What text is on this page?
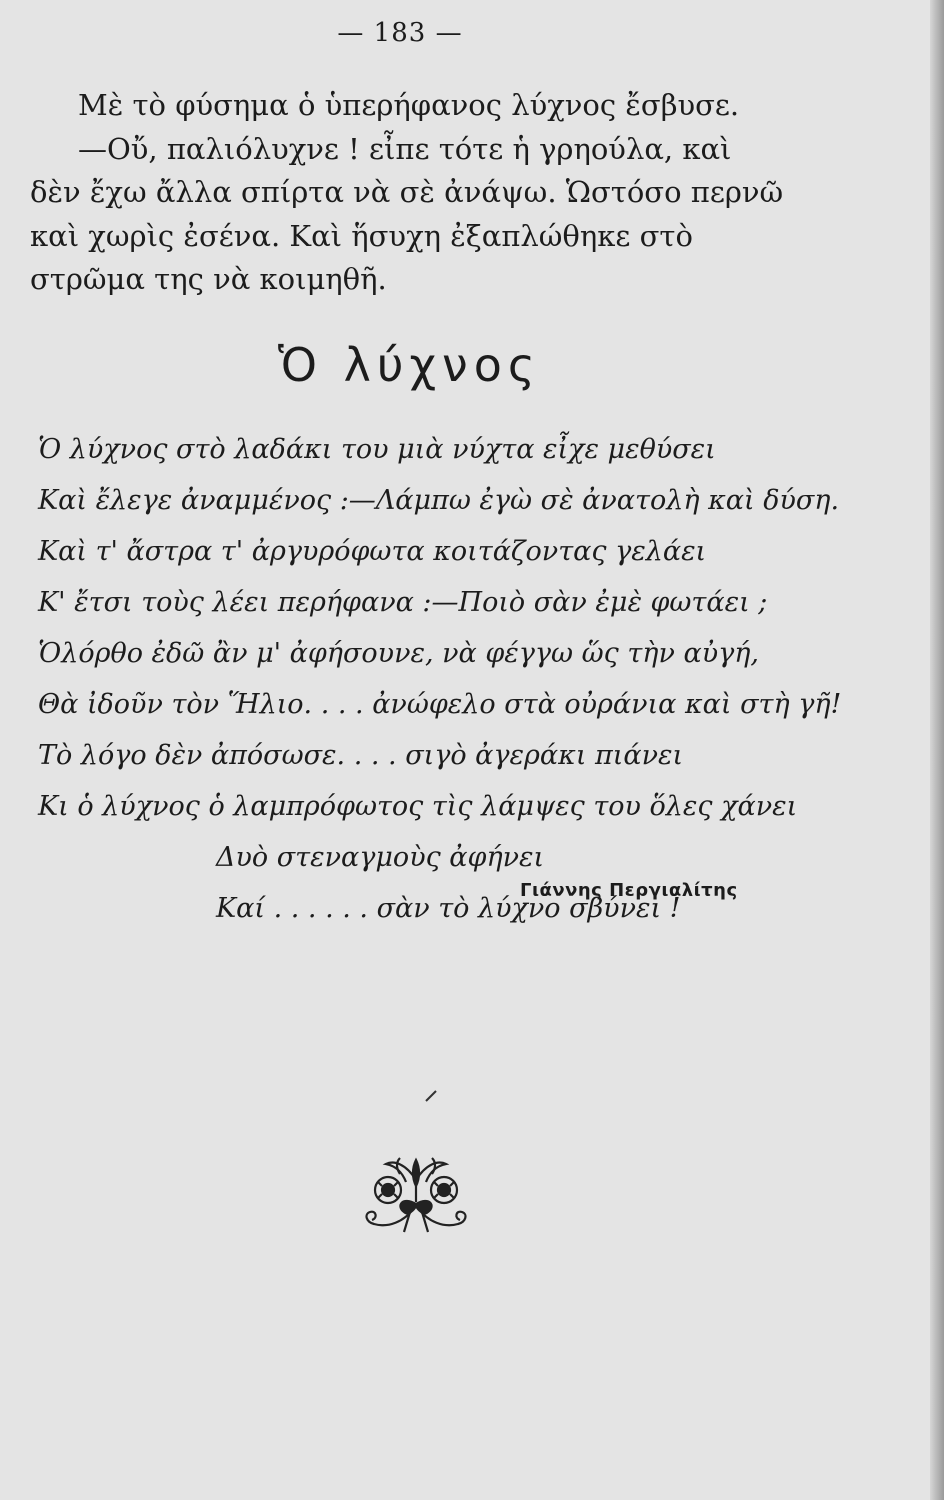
— 183 —

Μὲ τὸ φύσημα ὁ ὑπερήφανος λύχνος ἔσβυσε.

—Οὔ, παλιόλυχνε ! εἶπε τότε ἡ γρηούλα, καὶ δὲν ἔχω ἄλλα σπίρτα νὰ σὲ ἀνάψω. Ὡστόσο περνῶ καὶ χωρὶς ἐσένα. Καὶ ἥσυχη ἐξαπλώθηκε στὸ στρῶμα της νὰ κοιμηθῆ.

Ὁ λύχνος
Ὁ λύχνος στὸ λαδάκι του μιὰ νύχτα εἶχε μεθύσει
Καὶ ἔλεγε ἀναμμένος :—Λάμπω ἐγὼ σὲ ἀνατολὴ καὶ δύση.
Καὶ τ' ἄστρα τ' ἀργυρόφωτα κοιτάζοντας γελάει
Κ' ἔτσι τοὺς λέει περήφανα :—Ποιὸ σὰν ἐμὲ φωτάει ;
Ὁλόρθο ἐδῶ ἂν μ' ἀφήσουνε, νὰ φέγγω ὥς τὴν αὐγή,
Θὰ ἰδοῦν τὸν Ἥλιο. . . . ἀνώφελο στὰ οὐράνια καὶ στὴ γῆ!
Τὸ λόγο δὲν ἀπόσωσε. . . . σιγὸ ἀγεράκι πιάνει
Κι ὁ λύχνος ὁ λαμπρόφωτος τὶς λάμψες του ὅλες χάνει
Δυὸ στεναγμοὺς ἀφήνει
Καί . . . . . . σὰν τὸ λύχνο σβύνει !
Γιάννης Περγιαλίτης
